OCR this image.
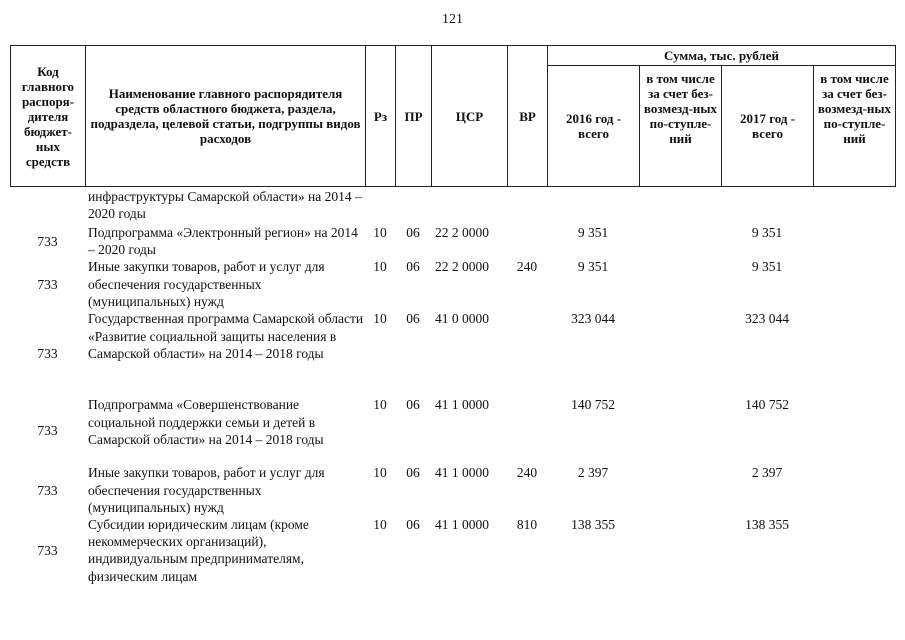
121
Код главного распоря-дителя бюджет-ных средств	Наименование главного распорядителя средств областного бюджета, раздела, подраздела, целевой статьи, подгруппы видов расходов	Рз	ПР	ЦСР	ВР	Сумма, тыс. рублей			
						2016 год - всего	в том числе за счет без-возмезд-ных по-ступле-ний	2017 год - всего	в том числе за счет без-возмезд-ных по-ступле-ний
	инфраструктуры Самарской области» на 2014 – 2020 годы								
733	Подпрограмма «Электронный регион» на 2014 – 2020 годы	10	06	22 2 0000		9 351		9 351	
733	Иные закупки товаров, работ и услуг для обеспечения государственных (муниципальных) нужд	10	06	22 2 0000	240	9 351		9 351	
733	Государственная программа Самарской области «Развитие социальной защиты населения в Самарской области» на 2014 – 2018 годы	10	06	41 0 0000		323 044		323 044	
733	Подпрограмма «Совершенствование социальной поддержки семьи и детей в Самарской области» на 2014 – 2018 годы	10	06	41 1 0000		140 752		140 752	
733	Иные закупки товаров, работ и услуг для обеспечения государственных (муниципальных) нужд	10	06	41 1 0000	240	2 397		2 397	
733	Субсидии юридическим лицам (кроме некоммерческих организаций), индивидуальным предпринимателям, физическим лицам	10	06	41 1 0000	810	138 355		138 355	
